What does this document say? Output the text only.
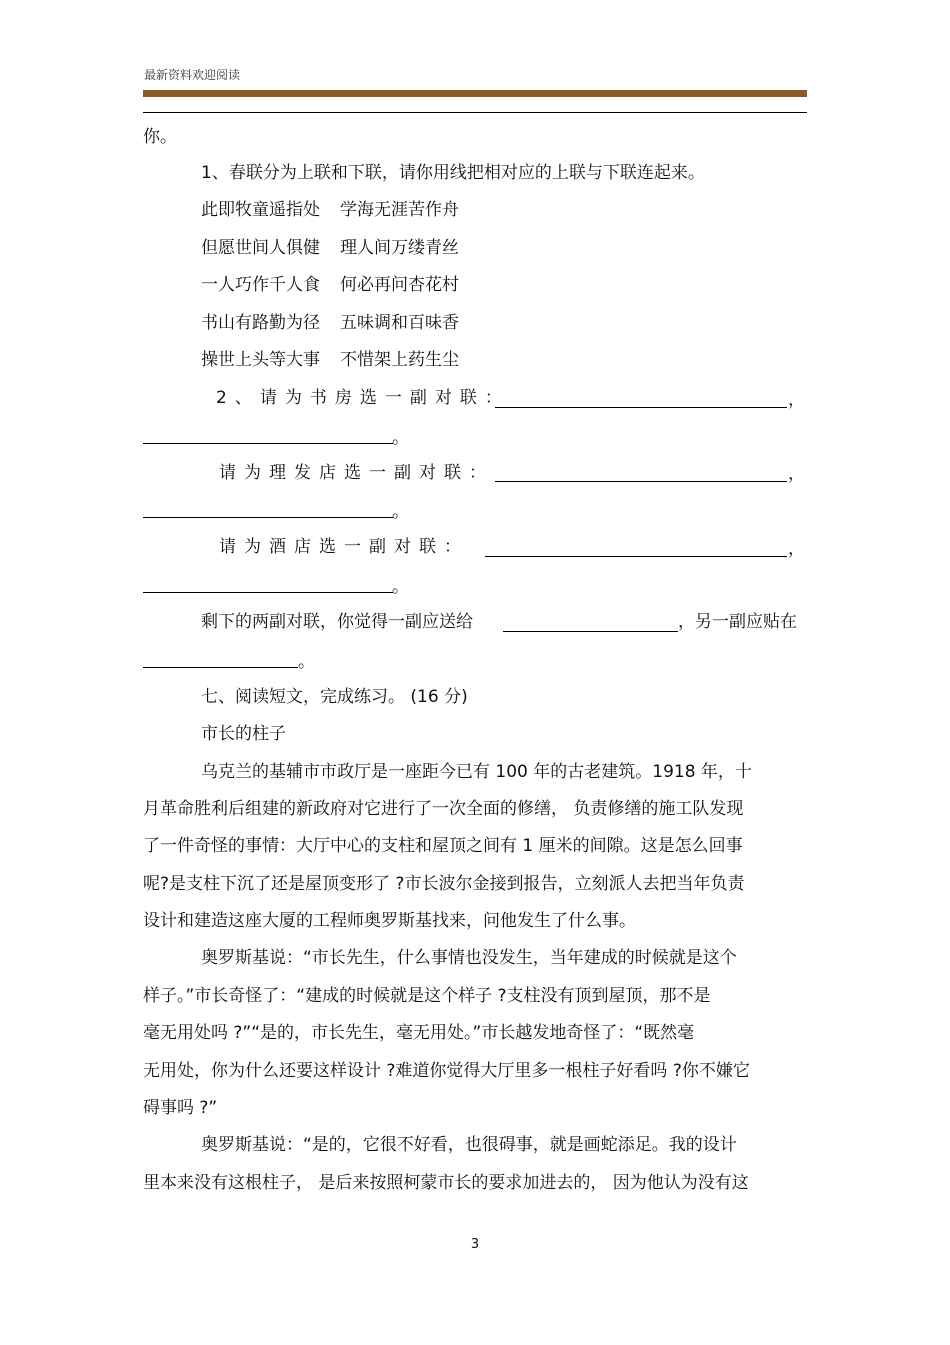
最新资料欢迎阅读
你。
1、春联分为上联和下联，请你用线把相对应的上联与下联连起来。
此即牧童遥指处 学海无涯苦作舟
但愿世间人俱健 理人间万缕青丝
一人巧作千人食 何必再问杏花村
书山有路勤为径 五味调和百味香
操世上头等大事 不惜架上药生尘
2、请为书房选一副对联：	，
。
请为理发店选一副对联：	，
。
请为酒店选一副对联：	，
。
剩下的两副对联，你觉得一副应送给	，另一副应贴在
。
七、阅读短文，完成练习。 (16 分)
市长的柱子
乌克兰的基辅市市政厅是一座距今已有 100 年的古老建筑。1918 年，十
月革命胜利后组建的新政府对它进行了一次全面的修缮， 负责修缮的施工队发现
了一件奇怪的事情：大厅中心的支柱和屋顶之间有 1 厘米的间隙。这是怎么回事
呢?是支柱下沉了还是屋顶变形了 ?市长波尔金接到报告，立刻派人去把当年负责
设计和建造这座大厦的工程师奥罗斯基找来，问他发生了什么事。
奥罗斯基说：“市长先生，什么事情也没发生，当年建成的时候就是这个
样子。”市长奇怪了：“建成的时候就是这个样子 ?支柱没有顶到屋顶，那不是
毫无用处吗 ?”“是的，市长先生，毫无用处。”市长越发地奇怪了：“既然毫
无用处，你为什么还要这样设计 ?难道你觉得大厅里多一根柱子好看吗 ?你不嫌它
碍事吗 ?”
奥罗斯基说：“是的，它很不好看，也很碍事，就是画蛇添足。我的设计
里本来没有这根柱子， 是后来按照柯蒙市长的要求加进去的， 因为他认为没有这
3
